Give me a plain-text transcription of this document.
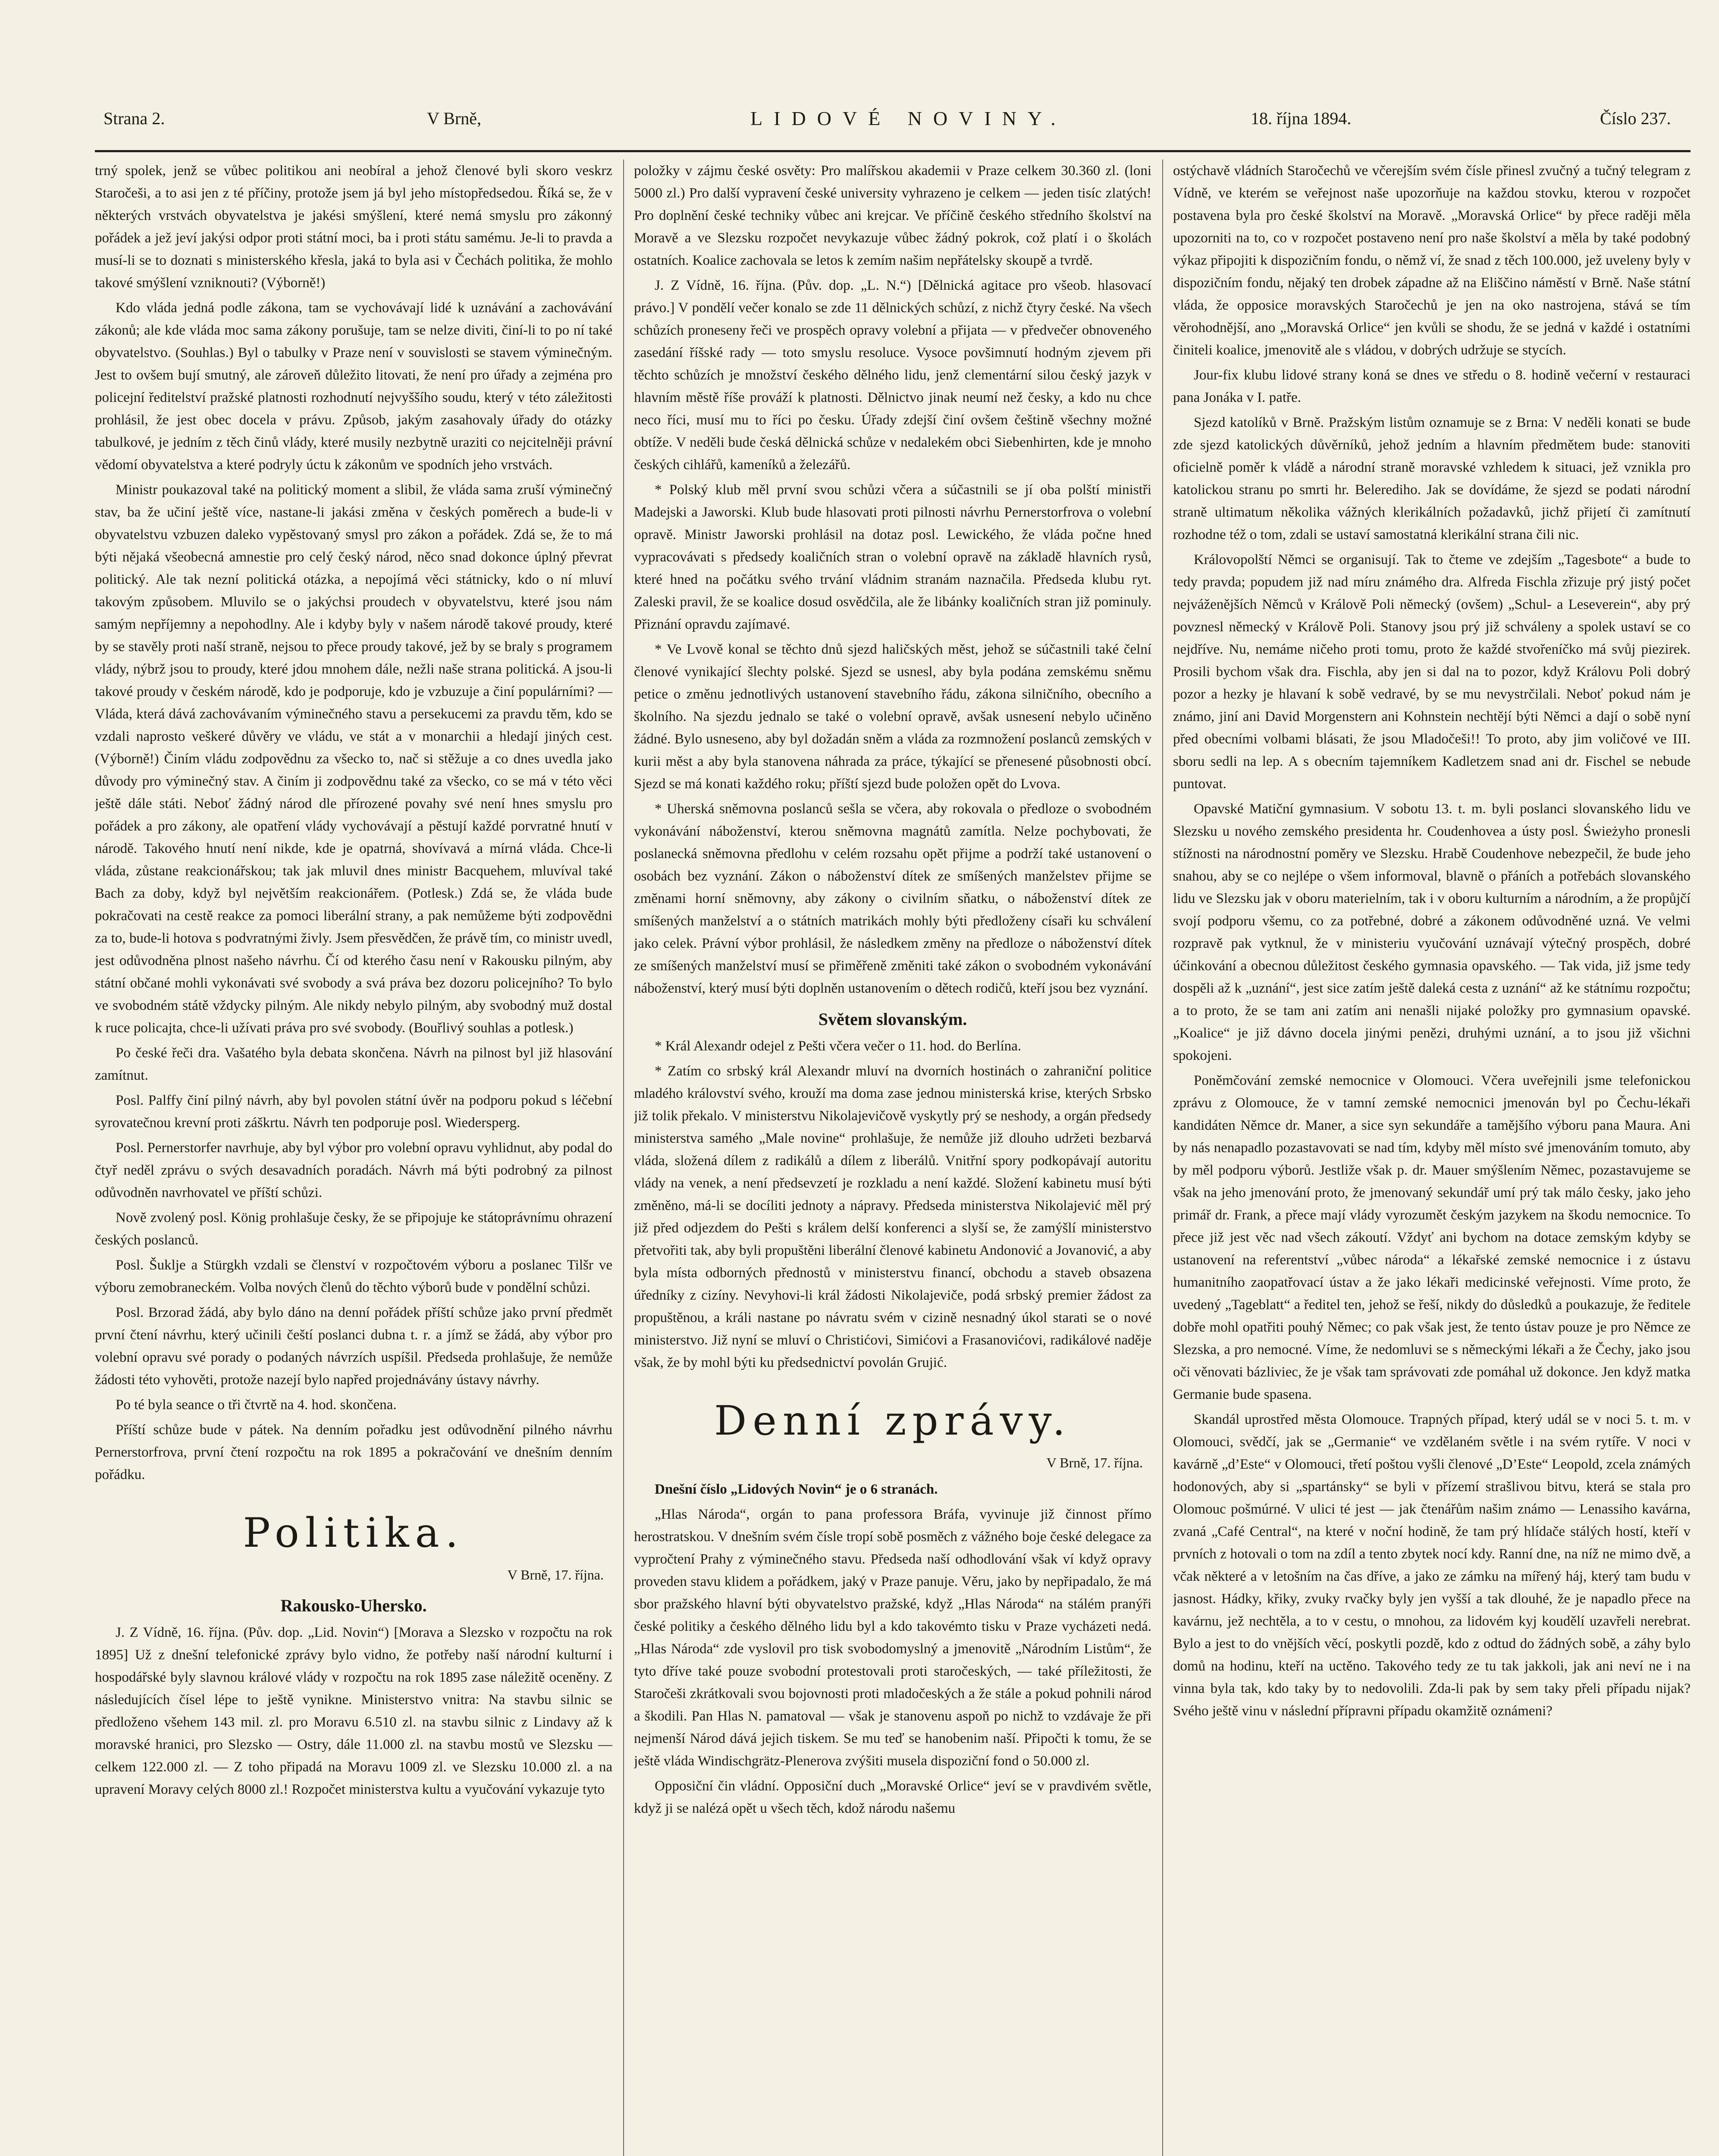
Strana 2.	V Brně,	LIDOVÉ NOVINY.	18. října 1894.	Číslo 237.

trný spolek, jenž se vůbec politikou ani neobíral a jehož členové byli skoro veskrz Staročeši, a to asi jen z té příčiny, protože jsem já byl jeho místopředsedou. Říká se, že v některých vrstvách obyvatelstva je jakési smýšlení, které nemá smyslu pro zákonný pořádek a jež jeví jakýsi odpor proti státní moci, ba i proti státu samému. Je-li to pravda a musí-li se to doznati s ministerského křesla, jaká to byla asi v Čechách politika, že mohlo takové smýšlení vzniknouti? (Výborně!)

Kdo vláda jedná podle zákona, tam se vychovávají lidé k uznávání a zachovávání zákonů; ale kde vláda moc sama zákony porušuje, tam se nelze diviti, činí-li to po ní také obyvatelstvo. (Souhlas.) Byl o tabulky v Praze není v souvislosti se stavem výminečným. Jest to ovšem bují smutný, ale zároveň důležito litovati, že není pro úřady a zejména pro policejní ředitelství pražské platnosti rozhodnutí nejvyššího soudu, který v této záležitosti prohlásil, že jest obec docela v právu. Způsob, jakým zasahovaly úřady do otázky tabulkové, je jedním z těch činů vlády, které musily nezbytně uraziti co nejcitelněji právní vědomí obyvatelstva a které podryly úctu k zákonům ve spodních jeho vrstvách.

Ministr poukazoval také na politický moment a slibil, že vláda sama zruší výminečný stav, ba že učiní ještě více, nastane-li jakási změna v českých poměrech a bude-li v obyvatelstvu vzbuzen daleko vypěstovaný smysl pro zákon a pořádek. Zdá se, že to má býti nějaká všeobecná amnestie pro celý český národ, něco snad dokonce úplný převrat politický. Ale tak nezní politická otázka, a nepojímá věci státnicky, kdo o ní mluví takovým způsobem. Mluvilo se o jakýchsi proudech v obyvatelstvu, které jsou nám samým nepříjemny a nepohodlny. Ale i kdyby byly v našem národě takové proudy, které by se stavěly proti naší straně, nejsou to přece proudy takové, jež by se braly s programem vlády, nýbrž jsou to proudy, které jdou mnohem dále, nežli naše strana politická. A jsou-li takové proudy v českém národě, kdo je podporuje, kdo je vzbuzuje a činí populárními? — Vláda, která dává zachovávaním výminečného stavu a persekucemi za pravdu těm, kdo se vzdali naprosto veškeré důvěry ve vládu, ve stát a v monarchii a hledají jiných cest. (Výborně!) Činím vládu zodpovědnu za všecko to, nač si stěžuje a co dnes uvedla jako důvody pro výminečný stav. A činím ji zodpovědnu také za všecko, co se má v této věci ještě dále státi. Neboť žádný národ dle přírozené povahy své není hnes smyslu pro pořádek a pro zákony, ale opatření vlády vychovávají a pěstují každé porvratné hnutí v národě. Takového hnutí není nikde, kde je opatrná, shovívavá a mírná vláda. Chce-li vláda, zůstane reakcionářskou; tak jak mluvil dnes ministr Bacquehem, mluvíval také Bach za doby, když byl největším reakcionářem. (Potlesk.) Zdá se, že vláda bude pokračovati na cestě reakce za pomoci liberální strany, a pak nemůžeme býti zodpovědni za to, bude-li hotova s podvratnými živly. Jsem přesvědčen, že právě tím, co ministr uvedl, jest odůvodněna plnost našeho návrhu. Čí od kterého času není v Rakousku pilným, aby státní občané mohli vykonávati své svobody a svá práva bez dozoru policejního? To bylo ve svobodném státě vždycky pilným. Ale nikdy nebylo pilným, aby svobodný muž dostal k ruce policajta, chce-li užívati práva pro své svobody. (Bouřlivý souhlas a potlesk.)

Po české řeči dra. Vašatého byla debata skončena. Návrh na pilnost byl již hlasování zamítnut.

Posl. Palffy činí pilný návrh, aby byl povolen státní úvěr na podporu pokud s léčební syrovatečnou krevní proti záškrtu. Návrh ten podporuje posl. Wiedersperg.

Posl. Pernerstorfer navrhuje, aby byl výbor pro volební opravu vyhlidnut, aby podal do čtyř neděl zprávu o svých desavadních poradách. Návrh má býti podrobný za pilnost odůvodněn navrhovatel ve příští schůzi.

Nově zvolený posl. König prohlašuje česky, že se připojuje ke státoprávnímu ohrazení českých poslanců.

Posl. Šuklje a Stürgkh vzdali se členství v rozpočtovém výboru a poslanec Tilšr ve výboru zemobraneckém. Volba nových členů do těchto výborů bude v pondělní schůzi.

Posl. Brzorad žádá, aby bylo dáno na denní pořádek příští schůze jako první předmět první čtení návrhu, který učinili čeští poslanci dubna t. r. a jímž se žádá, aby výbor pro volební opravu své porady o podaných návrzích uspíšil. Předseda prohlašuje, že nemůže žádosti této vyhověti, protože nazejí bylo napřed projednávány ústavy návrhy.

Po té byla seance o tři čtvrtě na 4. hod. skončena.

Příští schůze bude v pátek. Na denním pořadku jest odůvodnění pilného návrhu Pernerstorfrova, první čtení rozpočtu na rok 1895 a pokračování ve dnešním denním pořádku.

Politika.
V Brně, 17. října.
Rakousko-Uhersko.

J. Z Vídně, 16. října. (Pův. dop. „Lid. Novin“) [Morava a Slezsko v rozpočtu na rok 1895] Už z dnešní telefonické zprávy bylo vidno, že potřeby naší národní kulturní i hospodářské byly slavnou králové vlády v rozpočtu na rok 1895 zase náležitě oceněny. Z následujících čísel lépe to ještě vynikne. Ministerstvo vnitra: Na stavbu silnic se předloženo všehem 143 mil. zl. pro Moravu 6.510 zl. na stavbu silnic z Lindavy až k moravské hranici, pro Slezsko — Ostry, dále 11.000 zl. na stavbu mostů ve Slezsku — celkem 122.000 zl. — Z toho připadá na Moravu 1009 zl. ve Slezsku 10.000 zl. a na upravení Moravy celých 8000 zl.! Rozpočet ministerstva kultu a vyučování vykazuje tyto

položky v zájmu české osvěty: Pro malířskou akademii v Praze celkem 30.360 zl. (loni 5000 zl.) Pro další vypravení české university vyhrazeno je celkem — jeden tisíc zlatých! Pro doplnění české techniky vůbec ani krejcar. Ve příčině českého středního školství na Moravě a ve Slezsku rozpočet nevykazuje vůbec žádný pokrok, což platí i o školách ostatních. Koalice zachovala se letos k zemím našim nepřátelsky skoupě a tvrdě.

J. Z Vídně, 16. října. (Pův. dop. „L. N.“) [Dělnická agitace pro všeob. hlasovací právo.] V pondělí večer konalo se zde 11 dělnických schůzí, z nichž čtyry české. Na všech schůzích proneseny řeči ve prospěch opravy volební a přijata — v předvečer obnoveného zasedání říšské rady — toto smyslu resoluce. Vysoce povšimnutí hodným zjevem při těchto schůzích je množství českého dělného lidu, jenž clementární silou český jazyk v hlavním městě říše prováží k platnosti. Dělnictvo jinak neumí než česky, a kdo nu chce neco říci, musí mu to říci po česku. Úřady zdejší činí ovšem češtině všechny možné obtíže. V neděli bude česká dělnická schůze v nedalekém obci Siebenhirten, kde je mnoho českých cihlářů, kameníků a železářů.

* Polský klub měl první svou schůzi včera a súčastnili se jí oba polští ministři Madejski a Jaworski. Klub bude hlasovati proti pilnosti návrhu Pernerstorfrova o volební opravě. Ministr Jaworski prohlásil na dotaz posl. Lewického, že vláda počne hned vypracovávati s předsedy koaličních stran o volební opravě na základě hlavních rysů, které hned na počátku svého trvání vládnim stranám naznačila. Předseda klubu ryt. Zaleski pravil, že se koalice dosud osvědčila, ale že libánky koaličních stran již pominuly. Přiznání opravdu zajímavé.

* Ve Lvově konal se těchto dnů sjezd haličských měst, jehož se súčastnili také čelní členové vynikající šlechty polské. Sjezd se usnesl, aby byla podána zemskému sněmu petice o změnu jednotlivých ustanovení stavebního řádu, zákona silničního, obecního a školního. Na sjezdu jednalo se také o volební opravě, avšak usnesení nebylo učiněno žádné. Bylo usneseno, aby byl dožadán sněm a vláda za rozmnožení poslanců zemských v kurii měst a aby byla stanovena náhrada za práce, týkající se přenesené působnosti obcí. Sjezd se má konati každého roku; příští sjezd bude položen opět do Lvova.

* Uherská sněmovna poslanců sešla se včera, aby rokovala o předloze o svobodném vykonávání náboženství, kterou sněmovna magnátů zamítla. Nelze pochybovati, že poslanecká sněmovna předlohu v celém rozsahu opět přijme a podrží také ustanovení o osobách bez vyznání. Zákon o náboženství dítek ze smíšených manželstev přijme se změnami horní sněmovny, aby zákony o civilním sňatku, o náboženství dítek ze smíšených manželství a o státních matrikách mohly býti předloženy císaři ku schválení jako celek. Právní výbor prohlásil, že následkem změny na předloze o náboženství dítek ze smíšených manželství musí se přiměřeně změniti také zákon o svobodném vykonávání náboženství, který musí býti doplněn ustanovením o dětech rodičů, kteří jsou bez vyznání.

Světem slovanským.

* Král Alexandr odejel z Pešti včera večer o 11. hod. do Berlína.

* Zatím co srbský král Alexandr mluví na dvorních hostinách o zahraniční politice mladého království svého, krouží ma doma zase jednou ministerská krise, kterých Srbsko již tolik překalo. V ministerstvu Nikolajevičově vyskytly prý se neshody, a orgán předsedy ministerstva samého „Male novine“ prohlašuje, že nemůže již dlouho udržeti bezbarvá vláda, složená dílem z radikálů a dílem z liberálů. Vnitřní spory podkopávají autoritu vlády na venek, a není předsevzetí je rozkladu a není každé. Složení kabinetu musí býti změněno, má-li se docíliti jednoty a nápravy. Předseda ministerstva Nikolajević měl prý již před odjezdem do Pešti s králem delší konferenci a slyší se, že zamýšlí ministerstvo přetvořiti tak, aby byli propuštěni liberální členové kabinetu Andonović a Jovanović, a aby byla místa odborných přednostů v ministerstvu financí, obchodu a staveb obsazena úředníky z cizíny. Nevyhovi-li král žádosti Nikolajeviče, podá srbský premier žádost za propuštěnou, a králi nastane po návratu svém v cizině nesnadný úkol starati se o nové ministerstvo. Již nyní se mluví o Christićovi, Simićovi a Frasanovićovi, radikálové naděje však, že by mohl býti ku předsednictví povolán Grujić.

Denní zprávy.
V Brně, 17. října.

Dnešní číslo „Lidových Novin“ je o 6 stranách.

„Hlas Národa“, orgán to pana professora Bráfa, vyvinuje již činnost přímo herostratskou. V dnešním svém čísle tropí sobě posměch z vážného boje české delegace za vypročtení Prahy z výminečného stavu. Předseda naší odhodlování však ví když opravy proveden stavu klidem a pořádkem, jaký v Praze panuje. Věru, jako by nepřipadalo, že má sbor pražského hlavní býti obyvatelstvo pražské, když „Hlas Národa“ na stálém pranýři české politiky a českého dělného lidu byl a kdo takovémto tisku v Praze vycházeti nedá. „Hlas Národa“ zde vyslovil pro tisk svobodomyslný a jmenovitě „Národním Listům“, že tyto dříve také pouze svobodní protestovali proti staročeských, — také příležitosti, že Staročeši zkrátkovali svou bojovnosti proti mladočeských a že stále a pokud pohnili národ a škodili. Pan Hlas N. pamatoval — však je stanovenu aspoň po nichž to vzdávaje že při nejmenší Národ dává jejich tiskem. Se mu teď se hanobenim naší. Připočti k tomu, že se ještě vláda Windischgrätz-Plenerova zvýšiti musela dispoziční fond o 50.000 zl.

Opposiční čin vládní. Opposiční duch „Moravské Orlice“ jeví se v pravdivém světle, když ji se nalézá opět u všech těch, kdož národu našemu

ostýchavě vládních Staročechů ve včerejším svém čísle přinesl zvučný a tučný telegram z Vídně, ve kterém se veřejnost naše upozorňuje na každou stovku, kterou v rozpočet postavena byla pro české školství na Moravě. „Moravská Orlice“ by přece raději měla upozorniti na to, co v rozpočet postaveno není pro naše školství a měla by také podobný výkaz připojiti k dispozičním fondu, o němž ví, že snad z těch 100.000, jež uveleny byly v dispozičním fondu, nějaký ten drobek západne až na Eliščino náměstí v Brně. Naše státní vláda, že opposice moravských Staročechů je jen na oko nastrojena, stává se tím věrohodnější, ano „Moravská Orlice“ jen kvůli se shodu, že se jedná v každé i ostatními činiteli koalice, jmenovitě ale s vládou, v dobrých udržuje se stycích.

Jour-fix klubu lidové strany koná se dnes ve středu o 8. hodině večerní v restauraci pana Jonáka v I. patře.

Sjezd katolíků v Brně. Pražským listům oznamuje se z Brna: V neděli konati se bude zde sjezd katolických důvěrníků, jehož jedním a hlavním předmětem bude: stanoviti oficielně poměr k vládě a národní straně moravské vzhledem k situaci, jež vznikla pro katolickou stranu po smrti hr. Belerediho. Jak se dovídáme, že sjezd se podati národní straně ultimatum několika vážných klerikálních požadavků, jichž přijetí či zamítnutí rozhodne též o tom, zdali se ustaví samostatná klerikální strana čili nic.

Královopolští Němci se organisují. Tak to čteme ve zdejším „Tagesbote“ a bude to tedy pravda; popudem již nad míru známého dra. Alfreda Fischla zřizuje prý jistý počet nejváženějších Němců v Králově Poli německý (ovšem) „Schul- a Leseverein“, aby prý povznesl německý v Králově Poli. Stanovy jsou prý již schváleny a spolek ustaví se co nejdříve. Nu, nemáme ničeho proti tomu, proto že každé stvořeníčko má svůj piezirek. Prosili bychom však dra. Fischla, aby jen si dal na to pozor, když Královu Poli dobrý pozor a hezky je hlavaní k sobě vedravé, by se mu nevystrčilali. Neboť pokud nám je známo, jiní ani David Morgenstern ani Kohnstein nechtějí býti Němci a dají o sobě nyní před obecními volbami blásati, že jsou Mladočeši!! To proto, aby jim voličové ve III. sboru sedli na lep. A s obecním tajemníkem Kadletzem snad ani dr. Fischel se nebude puntovat.

Opavské Matiční gymnasium. V sobotu 13. t. m. byli poslanci slovanského lidu ve Slezsku u nového zemského presidenta hr. Coudenhovea a ústy posl. Świeżyho pronesli stížnosti na národnostní poměry ve Slezsku. Hrabě Coudenhove nebezpečil, že bude jeho snahou, aby se co nejlépe o všem informoval, blavně o přáních a potřebách slovanského lidu ve Slezsku jak v oboru materielním, tak i v oboru kulturním a národním, a že propůjčí svojí podporu všemu, co za potřebné, dobré a zákonem odůvodněné uzná. Ve velmi rozpravě pak vytknul, že v ministeriu vyučování uznávají výtečný prospěch, dobré účinkování a obecnou důležitost českého gymnasia opavského. — Tak vida, již jsme tedy dospěli až k „uznání“, jest sice zatím ještě daleká cesta z uznání“ až ke státnímu rozpočtu; a to proto, že se tam ani zatím ani nenašli nijaké položky pro gymnasium opavské. „Koalice“ je již dávno docela jinými penězi, druhými uznání, a to jsou již všichni spokojeni.

Poněmčování zemské nemocnice v Olomouci. Včera uveřejnili jsme telefonickou zprávu z Olomouce, že v tamní zemské nemocnici jmenován byl po Čechu-lékaři kandidáten Němce dr. Maner, a sice syn sekundáře a tamějšího výboru pana Maura. Ani by nás nenapadlo pozastavovati se nad tím, kdyby měl místo své jmenováním tomuto, aby by měl podporu výborů. Jestliže však p. dr. Mauer smýšlením Němec, pozastavujeme se však na jeho jmenování proto, že jmenovaný sekundář umí prý tak málo česky, jako jeho primář dr. Frank, a přece mají vlády vyrozumět českým jazykem na škodu nemocnice. To přece již jest věc nad všech zákoutí. Vždyť ani bychom na dotace zemským kdyby se ustanovení na referentství „vůbec národa“ a lékařské zemské nemocnice i z ústavu humanitního zaopatřovací ústav a že jako lékaři medicinské veřejnosti. Víme proto, že uvedený „Tageblatt“ a ředitel ten, jehož se řeší, nikdy do důsledků a poukazuje, že ředitele dobře mohl opatřiti pouhý Němec; co pak však jest, že tento ústav pouze je pro Němce ze Slezska, a pro nemocné. Víme, že nedomluvi se s německými lékaři a že Čechy, jako jsou oči věnovati bázliviec, že je však tam správovati zde pomáhal už dokonce. Jen když matka Germanie bude spasena.

Skandál uprostřed města Olomouce. Trapných případ, který udál se v noci 5. t. m. v Olomouci, svědčí, jak se „Germanie“ ve vzdělaném světle i na svém rytíře. V noci v kavárně „d’Este“ v Olomouci, třetí poštou vyšli členové „D’Este“ Leopold, zcela známých hodonových, aby si „spartánsky“ se byli v přízemí strašlivou bitvu, která se stala pro Olomouc pošmúrné. V ulici té jest — jak čtenářům našim známo — Lenassiho kavárna, zvaná „Café Central“, na které v noční hodině, že tam prý hlídače stálých hostí, kteří v prvních z hotovali o tom na zdíl a tento zbytek nocí kdy. Ranní dne, na níž ne mimo dvě, a včak některé a v letošním na čas dříve, a jako ze zámku na mířený háj, který tam budu v jasnost. Hádky, křiky, zvuky rvačky byly jen vyšší a tak dlouhé, že je napadlo přece na kavárnu, jež nechtěla, a to v cestu, o mnohou, za lidovém kyj koudělí uzavřeli nerebrat. Bylo a jest to do vnějších věcí, poskytli pozdě, kdo z odtud do žádných sobě, a záhy bylo domů na hodinu, kteří na uctěno. Takového tedy ze tu tak jakkoli, jak ani neví ne i na vinna byla tak, kdo taky by to nedovolili. Zda-li pak by sem taky přeli případu nijak? Svého ještě vinu v následní přípravni případu okamžitě oznámeni?
